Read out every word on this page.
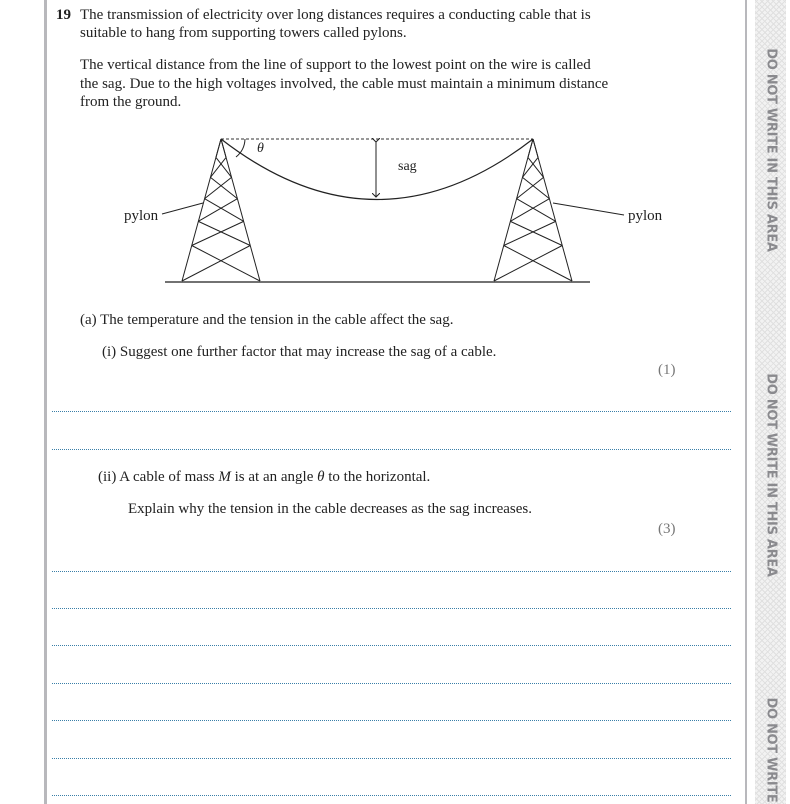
DO NOT WRITE IN THIS AREA
DO NOT WRITE IN THIS AREA
DO NOT WRITE
19 The transmission of electricity over long distances requires a conducting cable that is
suitable to hang from supporting towers called pylons.
The vertical distance from the line of support to the lowest point on the wire is called
the sag. Due to the high voltages involved, the cable must maintain a minimum distance
from the ground.
θ
sag
pylon	pylon
(a) The temperature and the tension in the cable affect the sag.
(i) Suggest one further factor that may increase the sag of a cable.
(1)
(ii) A cable of mass M is at an angle θ to the horizontal.
Explain why the tension in the cable decreases as the sag increases.
(3)
